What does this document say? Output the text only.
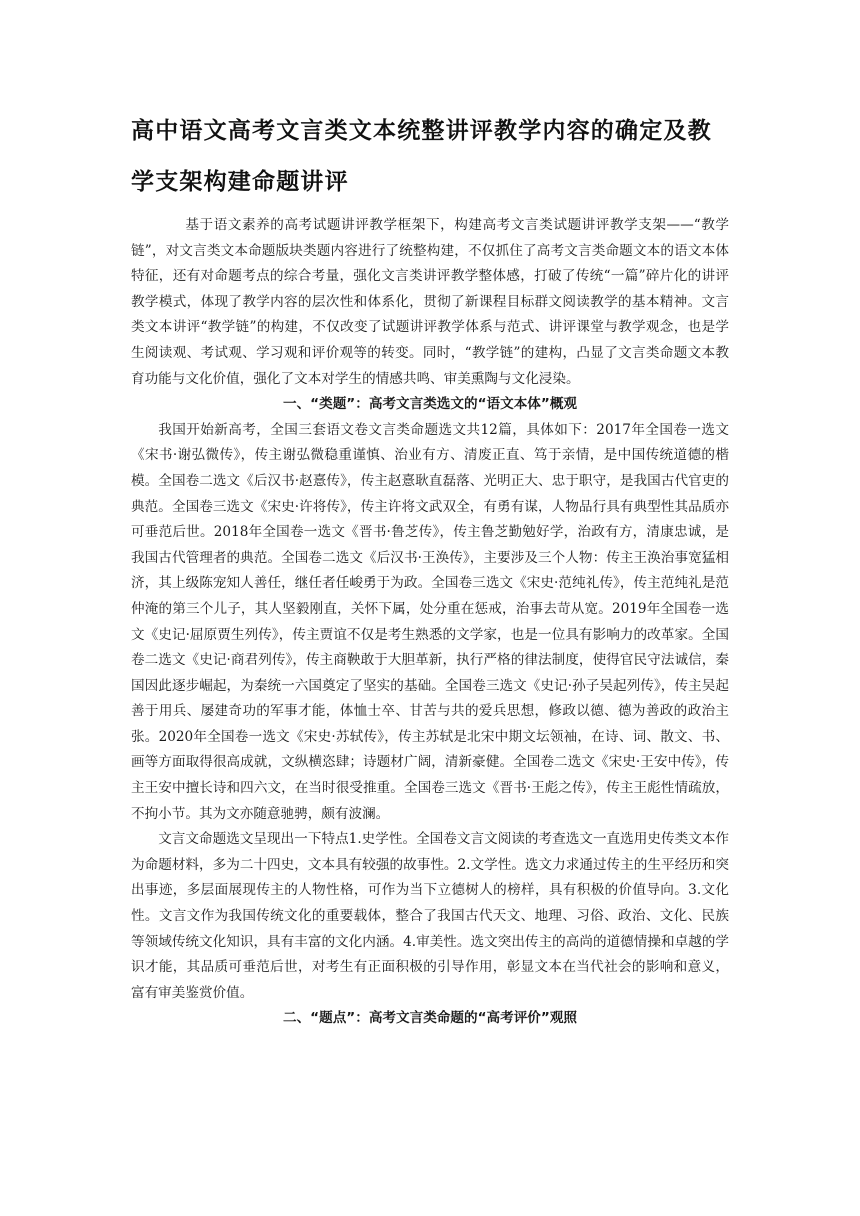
高中语文高考文言类文本统整讲评教学内容的确定及教学支架构建命题讲评

基于语文素养的高考试题讲评教学框架下，构建高考文言类试题讲评教学支架——“教学链”，对文言类文本命题版块类题内容进行了统整构建，不仅抓住了高考文言类命题文本的语文本体特征，还有对命题考点的综合考量，强化文言类讲评教学整体感，打破了传统“一篇”碎片化的讲评教学模式，体现了教学内容的层次性和体系化，贯彻了新课程目标群文阅读教学的基本精神。文言类文本讲评“教学链”的构建，不仅改变了试题讲评教学体系与范式、讲评课堂与教学观念，也是学生阅读观、考试观、学习观和评价观等的转变。同时，“教学链”的建构，凸显了文言类命题文本教育功能与文化价值，强化了文本对学生的情感共鸣、审美熏陶与文化浸染。

一、“类题”：高考文言类选文的“语文本体”概观

我国开始新高考，全国三套语文卷文言类命题选文共12篇，具体如下：2017年全国卷一选文《宋书·谢弘微传》，传主谢弘微稳重谨慎、治业有方、清废正直、笃于亲情，是中国传统道德的楷模。全国卷二选文《后汉书·赵憙传》，传主赵憙耿直磊落、光明正大、忠于职守，是我国古代官吏的典范。全国卷三选文《宋史·许将传》，传主许将文武双全，有勇有谋，人物品行具有典型性其品质亦可垂范后世。2018年全国卷一选文《晋书·鲁芝传》，传主鲁芝勤勉好学，治政有方，清康忠诚，是我国古代管理者的典范。全国卷二选文《后汉书·王涣传》，主要涉及三个人物：传主王涣治事宽猛相济，其上级陈宠知人善任，继任者任峻勇于为政。全国卷三选文《宋史·范纯礼传》，传主范纯礼是范仲淹的第三个儿子，其人坚毅刚直，关怀下属，处分重在惩戒，治事去苛从宽。2019年全国卷一选文《史记·屈原贾生列传》，传主贾谊不仅是考生熟悉的文学家，也是一位具有影响力的改革家。全国卷二选文《史记·商君列传》，传主商鞅敢于大胆革新，执行严格的律法制度，使得官民守法诚信，秦国因此逐步崛起，为秦统一六国奠定了坚实的基础。全国卷三选文《史记·孙子吴起列传》，传主吴起善于用兵、屡建奇功的军事才能，体恤士卒、甘苦与共的爱兵思想，修政以德、德为善政的政治主张。2020年全国卷一选文《宋史·苏轼传》，传主苏轼是北宋中期文坛领袖，在诗、词、散文、书、画等方面取得很高成就，文纵横恣肆；诗题材广阔，清新豪健。全国卷二选文《宋史·王安中传》，传主王安中擅长诗和四六文，在当时很受推重。全国卷三选文《晋书·王彪之传》，传主王彪性情疏放，不拘小节。其为文亦随意驰骋，颇有波澜。

文言文命题选文呈现出一下特点1.史学性。全国卷文言文阅读的考查选文一直选用史传类文本作为命题材料，多为二十四史，文本具有较强的故事性。2.文学性。选文力求通过传主的生平经历和突出事迹，多层面展现传主的人物性格，可作为当下立德树人的榜样，具有积极的价值导向。3.文化性。文言文作为我国传统文化的重要载体，整合了我国古代天文、地理、习俗、政治、文化、民族等领域传统文化知识，具有丰富的文化内涵。4.审美性。选文突出传主的高尚的道德情操和卓越的学识才能，其品质可垂范后世，对考生有正面积极的引导作用，彰显文本在当代社会的影响和意义，富有审美鉴赏价值。

二、“题点”：高考文言类命题的“高考评价”观照
